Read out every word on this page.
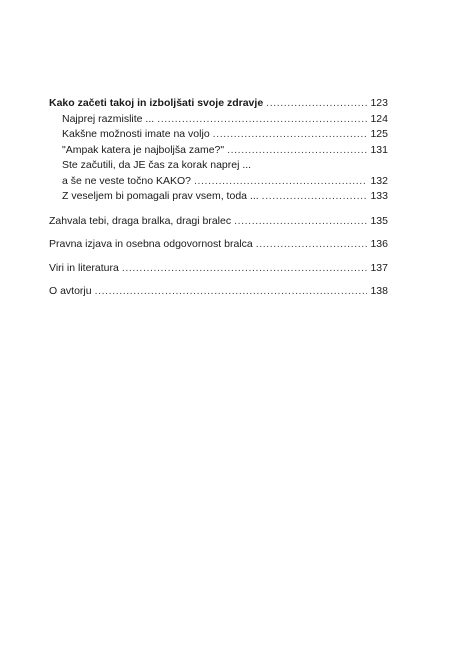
Kako začeti takoj in izboljšati svoje zdravje .....	123
Najprej razmislite ... .....	124
Kakšne možnosti imate na voljo .....	125
"Ampak katera je najboljša zame?" .....	131
Ste začutili, da JE čas za korak naprej ...
a še ne veste točno KAKO? .....	132
Z veseljem bi pomagali prav vsem, toda ... .....	133
Zahvala tebi, draga bralka, dragi bralec .....	135
Pravna izjava in osebna odgovornost bralca .....	136
Viri in literatura .....	137
O avtorju .....	138
